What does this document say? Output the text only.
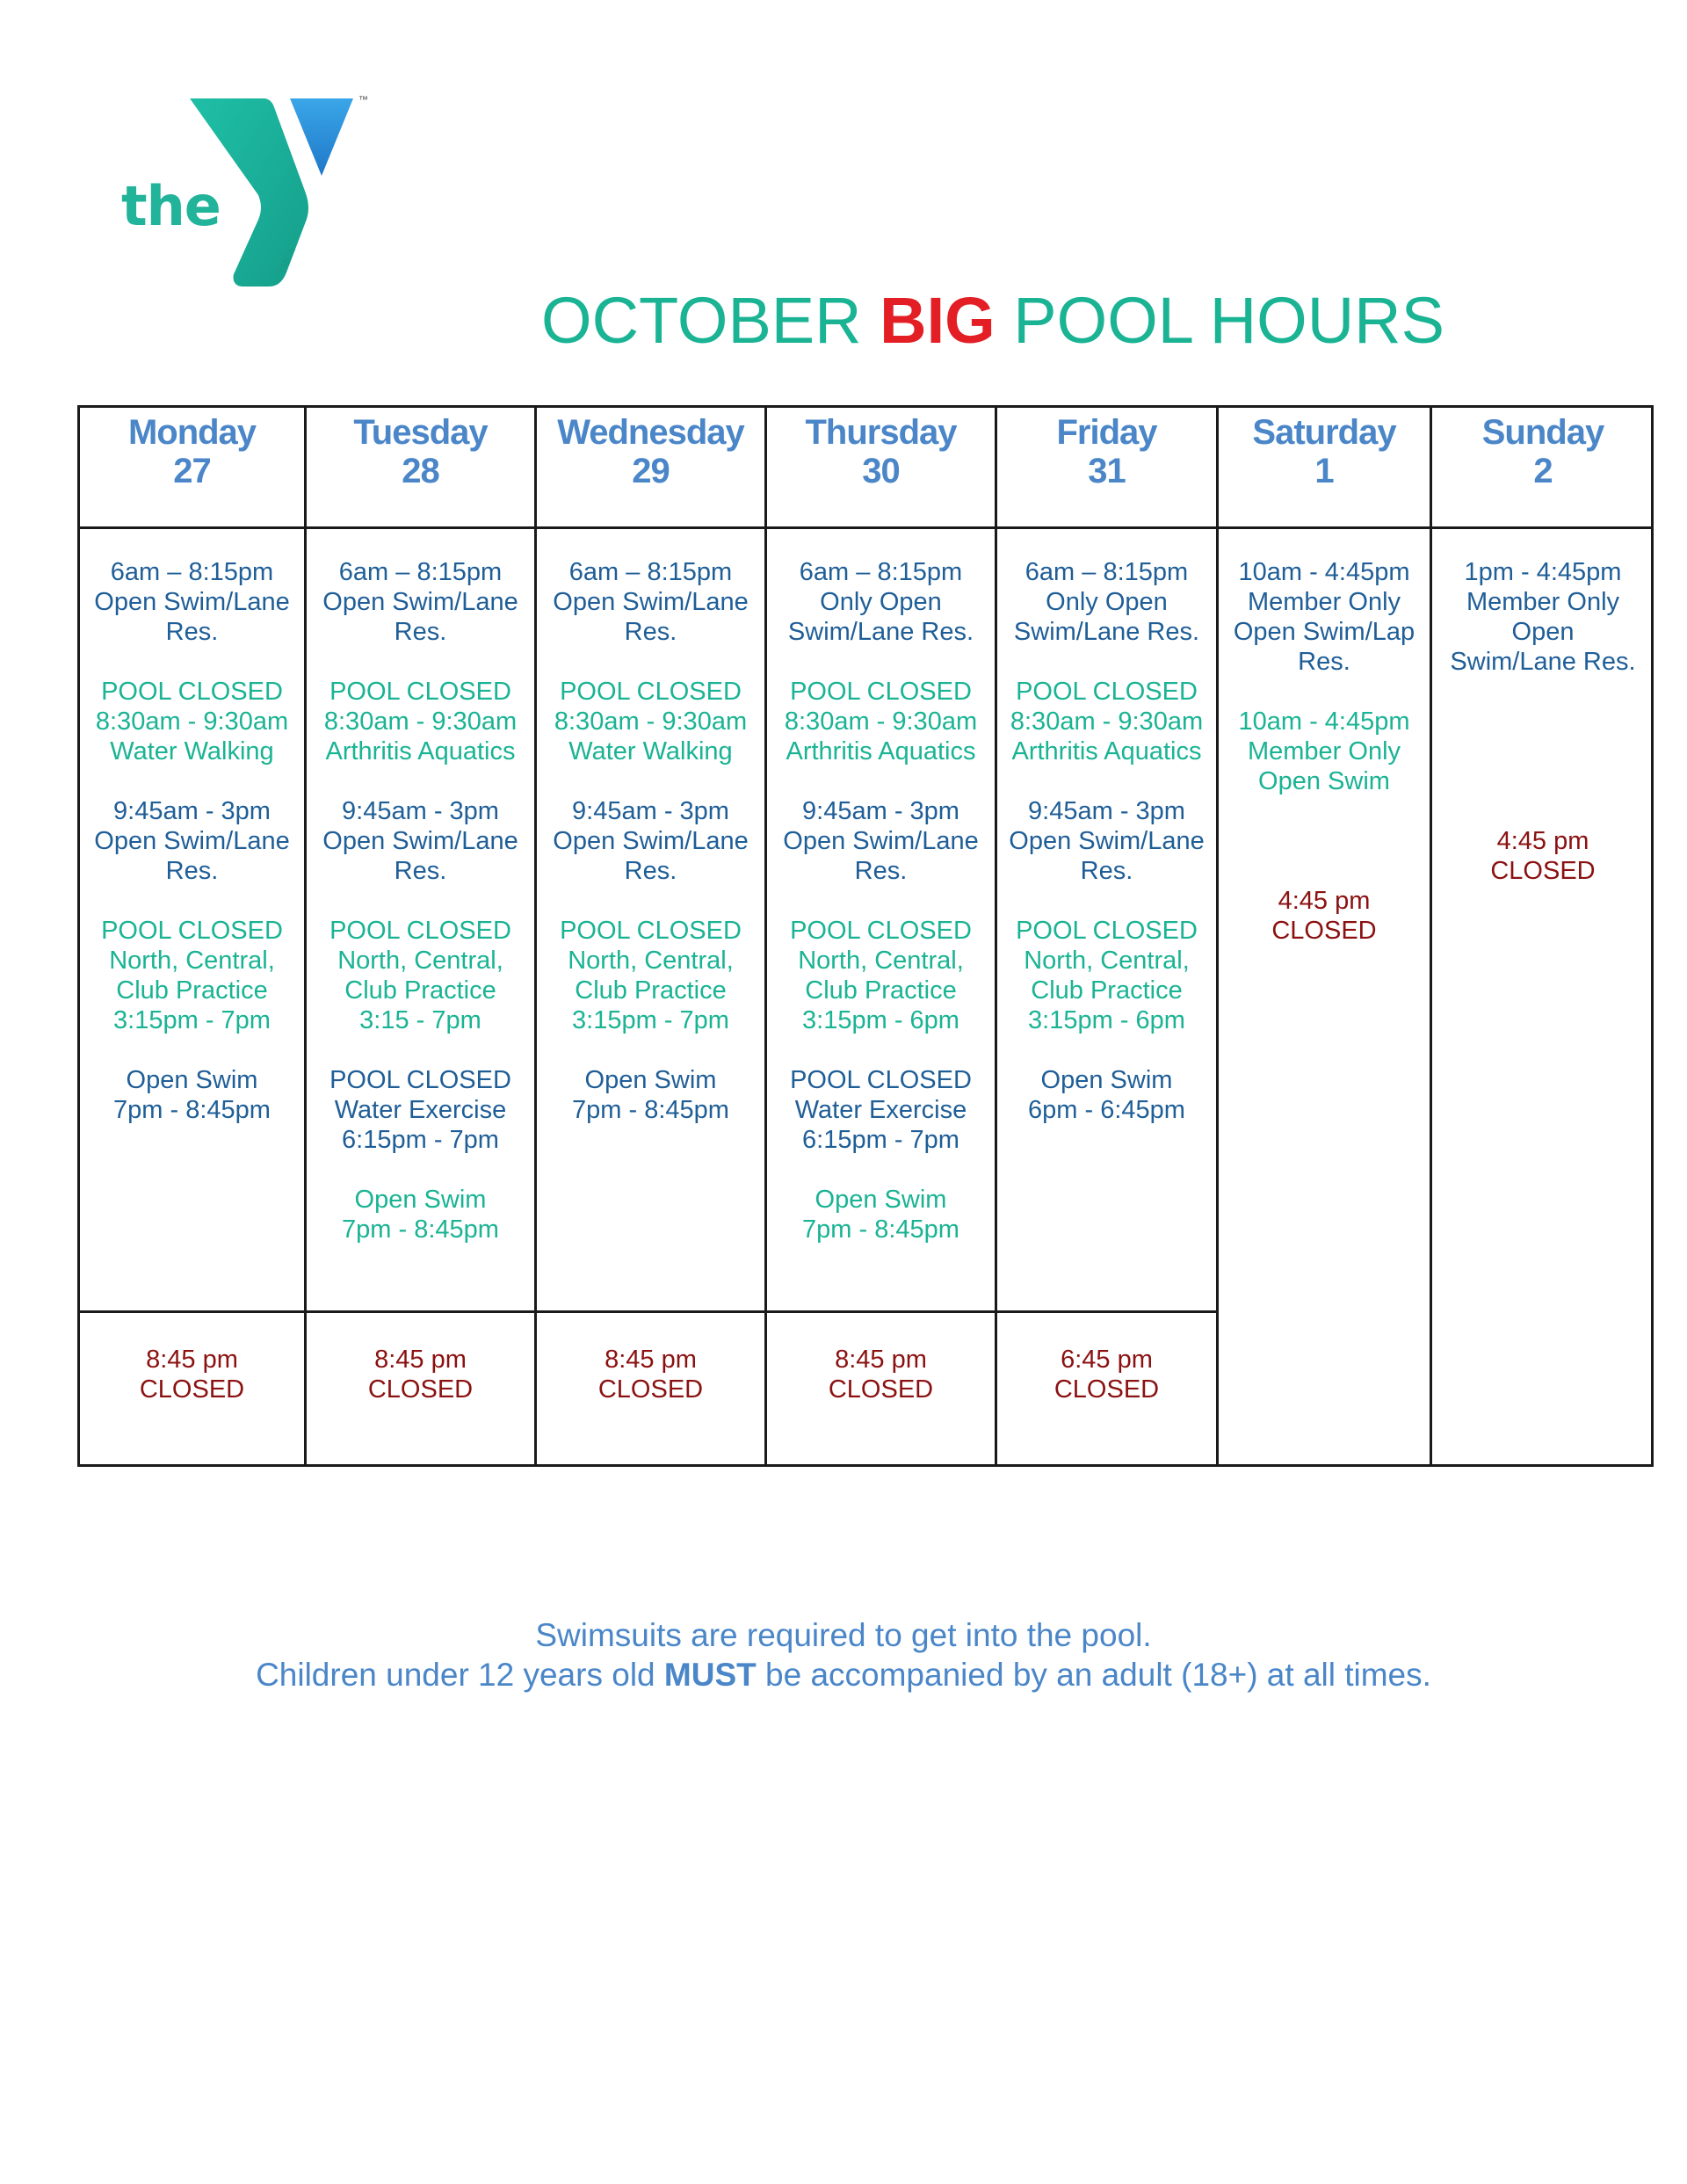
YMCA
™
the
OCTOBER BIG POOL HOURS
Monday
27
6am – 8:15pm
Open Swim/Lane
Res.
POOL CLOSED
8:30am - 9:30am
Water Walking
9:45am - 3pm
Open Swim/Lane
Res.
POOL CLOSED
North, Central,
Club Practice
3:15pm - 7pm
Open Swim
7pm - 8:45pm
8:45 pm
CLOSED
Tuesday
28
6am – 8:15pm
Open Swim/Lane
Res.
POOL CLOSED
8:30am - 9:30am
Arthritis Aquatics
9:45am - 3pm
Open Swim/Lane
Res.
POOL CLOSED
North, Central,
Club Practice
3:15 - 7pm
POOL CLOSED
Water Exercise
6:15pm - 7pm
Open Swim
7pm - 8:45pm
8:45 pm
CLOSED
Wednesday
29
6am – 8:15pm
Open Swim/Lane
Res.
POOL CLOSED
8:30am - 9:30am
Water Walking
9:45am - 3pm
Open Swim/Lane
Res.
POOL CLOSED
North, Central,
Club Practice
3:15pm - 7pm
Open Swim
7pm - 8:45pm
8:45 pm
CLOSED
Thursday
30
6am – 8:15pm
Only Open
Swim/Lane Res.
POOL CLOSED
8:30am - 9:30am
Arthritis Aquatics
9:45am - 3pm
Open Swim/Lane
Res.
POOL CLOSED
North, Central,
Club Practice
3:15pm - 6pm
POOL CLOSED
Water Exercise
6:15pm - 7pm
Open Swim
7pm - 8:45pm
8:45 pm
CLOSED
Friday
31
6am – 8:15pm
Only Open
Swim/Lane Res.
POOL CLOSED
8:30am - 9:30am
Arthritis Aquatics
9:45am - 3pm
Open Swim/Lane
Res.
POOL CLOSED
North, Central,
Club Practice
3:15pm - 6pm
Open Swim
6pm - 6:45pm
6:45 pm
CLOSED
Saturday
1
10am - 4:45pm
Member Only
Open Swim/Lap
Res.
10am - 4:45pm
Member Only
Open Swim
4:45 pm
CLOSED
Sunday
2
1pm - 4:45pm
Member Only
Open
Swim/Lane Res.
4:45 pm
CLOSED
Swimsuits are required to get into the pool.
Children under 12 years old MUST be accompanied by an adult (18+) at all times.
